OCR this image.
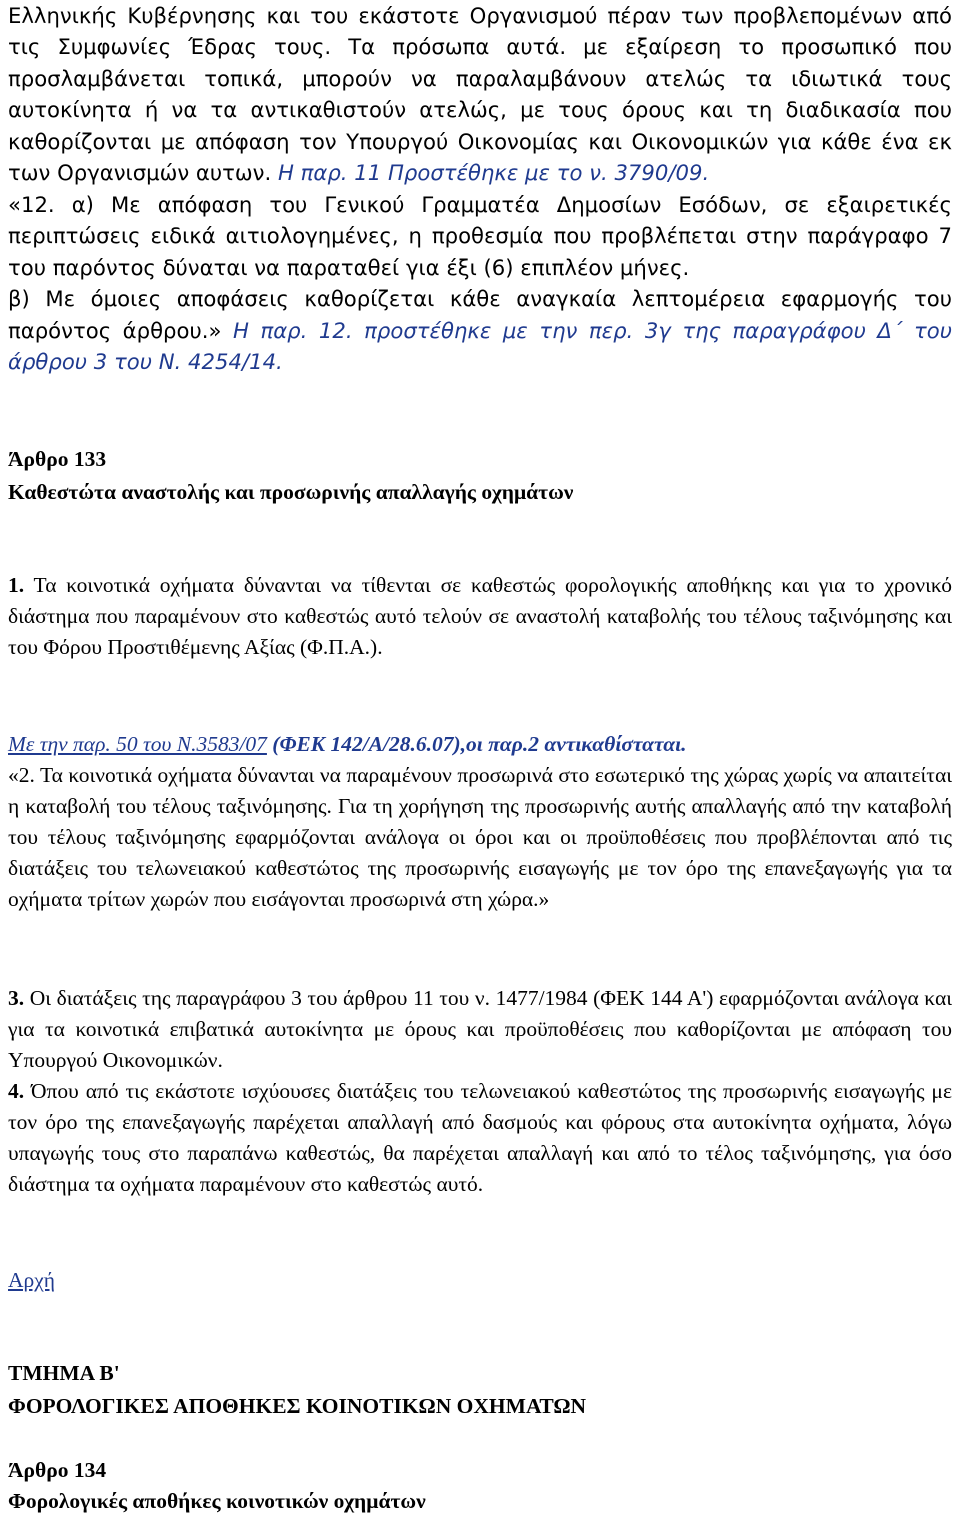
Ελληνικής Κυβέρνησης και του εκάστοτε Οργανισμού πέραν των προβλεπομένων από τις Συμφωνίες Έδρας τους. Τα πρόσωπα αυτά. με εξαίρεση το προσωπικό που προσλαμβάνεται τοπικά, μπορούν να παραλαμβάνουν ατελώς τα ιδιωτικά τους αυτοκίνητα ή να τα αντικαθιστούν ατελώς, με τους όρους και τη διαδικασία που καθορίζονται με απόφαση τον Υπουργού Οικονομίας και Οικονομικών για κάθε ένα εκ των Οργανισμών αυτων. Η παρ. 11 Προστέθηκε με το ν. 3790/09.

«12. α) Με απόφαση του Γενικού Γραμματέα Δημοσίων Εσόδων, σε εξαιρετικές περιπτώσεις ειδικά αιτιολογημένες, η προθεσμία που προβλέπεται στην παράγραφο 7 του παρόντος δύναται να παραταθεί για έξι (6) επιπλέον μήνες.

β) Με όμοιες αποφάσεις καθορίζεται κάθε αναγκαία λεπτομέρεια εφαρμογής του παρόντος άρθρου.» Η παρ. 12. προστέθηκε με την περ. 3γ της παραγράφου Δ΄ του άρθρου 3 του Ν. 4254/14.

Άρθρο 133
Καθεστώτα αναστολής και προσωρινής απαλλαγής οχημάτων

1. Τα κοινοτικά οχήματα δύνανται να τίθενται σε καθεστώς φορολογικής αποθήκης και για το χρονικό διάστημα που παραμένουν στο καθεστώς αυτό τελούν σε αναστολή καταβολής του τέλους ταξινόμησης και του Φόρου Προστιθέμενης Αξίας (Φ.Π.Α.).

Με την παρ. 50 του Ν.3583/07 (ΦΕΚ 142/Α/28.6.07),οι παρ.2 αντικαθίσταται.

«2. Τα κοινοτικά οχήματα δύνανται να παραμένουν προσωρινά στο εσωτερικό της χώρας χωρίς να απαιτείται η καταβολή του τέλους ταξινόμησης. Για τη χορήγηση της προσωρινής αυτής απαλλαγής από την καταβολή του τέλους ταξινόμησης εφαρμόζονται ανάλογα οι όροι και οι προϋποθέσεις που προβλέπονται από τις διατάξεις του τελωνειακού καθεστώτος της προσωρινής εισαγωγής με τον όρο της επανεξαγωγής για τα οχήματα τρίτων χωρών που εισάγονται προσωρινά στη χώρα.»

3. Οι διατάξεις της παραγράφου 3 του άρθρου 11 του ν. 1477/1984 (ΦΕΚ 144 Α') εφαρμόζονται ανάλογα και για τα κοινοτικά επιβατικά αυτοκίνητα με όρους και προϋποθέσεις που καθορίζονται με απόφαση του Υπουργού Οικονομικών.

4. Όπου από τις εκάστοτε ισχύουσες διατάξεις του τελωνειακού καθεστώτος της προσωρινής εισαγωγής με τον όρο της επανεξαγωγής παρέχεται απαλλαγή από δασμούς και φόρους στα αυτοκίνητα οχήματα, λόγω υπαγωγής τους στο παραπάνω καθεστώς, θα παρέχεται απαλλαγή και από το τέλος ταξινόμησης, για όσο διάστημα τα οχήματα παραμένουν στο καθεστώς αυτό.

Αρχή
ΤΜΗΜΑ Β'
ΦΟΡΟΛΟΓΙΚΕΣ ΑΠΟΘΗΚΕΣ ΚΟΙΝΟΤΙΚΩΝ ΟΧΗΜΑΤΩΝ
Άρθρο 134
Φορολογικές αποθήκες κοινοτικών οχημάτων
